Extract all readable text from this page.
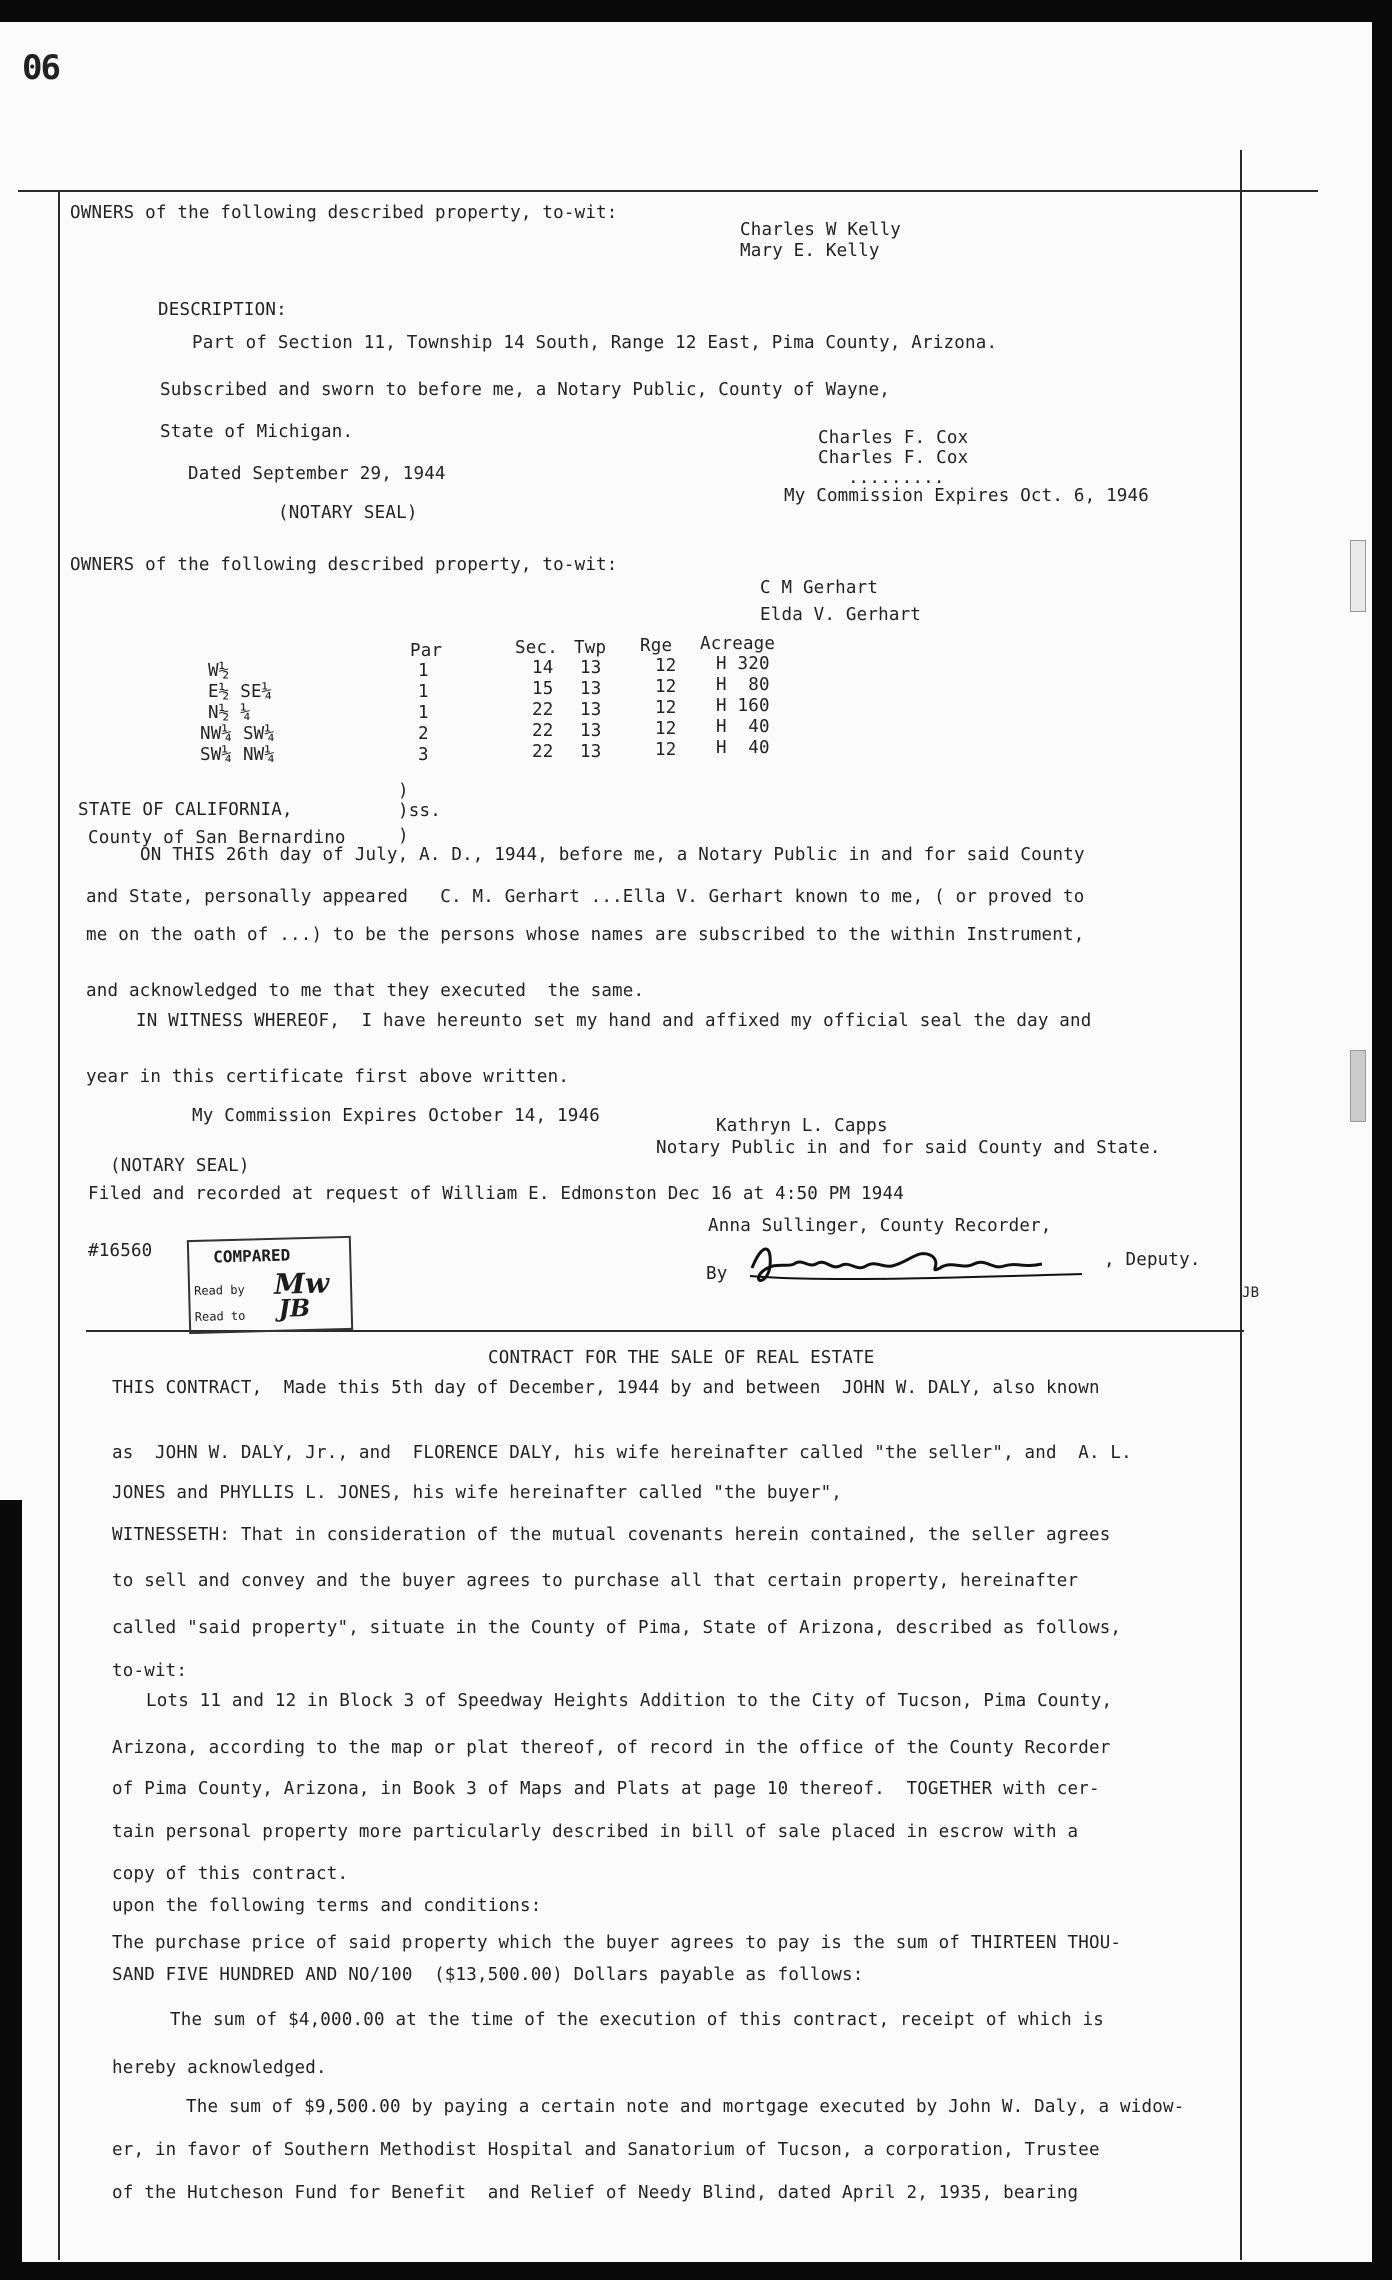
06
OWNERS of the following described property, to-wit:
Charles W Kelly
Mary E. Kelly
DESCRIPTION:
Part of Section 11, Township 14 South, Range 12 East, Pima County, Arizona.
Subscribed and sworn to before me, a Notary Public, County of Wayne,
State of Michigan.	Charles F. Cox
Charles F. Cox
Dated September 29, 1944	.........
My Commission Expires Oct. 6, 1946
(NOTARY SEAL)
OWNERS of the following described property, to-wit:
C M Gerhart
Elda V. Gerhart
Par	Sec. Twp Rge Acreage
W½	1	14 13	12 H 320
E½ SE¼	1	15 13	12 H  80
N½ ¼	1	22 13	12 H 160
NW¼ SW¼	2	22 13	12 H  40
SW¼ NW¼	3	22 13	12 H  40
STATE OF CALIFORNIA,
)
)ss.
County of San Bernardino	)
ON THIS 26th day of July, A. D., 1944, before me, a Notary Public in and for said County
and State, personally appeared   C. M. Gerhart ...Ella V. Gerhart known to me, ( or proved to
me on the oath of ...) to be the persons whose names are subscribed to the within Instrument,
and acknowledged to me that they executed  the same.
IN WITNESS WHEREOF,  I have hereunto set my hand and affixed my official seal the day and
year in this certificate first above written.
My Commission Expires October 14, 1946	Kathryn L. Capps
Notary Public in and for said County and State.
(NOTARY SEAL)
Filed and recorded at request of William E. Edmonston Dec 16 at 4:50 PM 1944
Anna Sullinger, County Recorder,
#16560	COMPARED
Read by
Read to
Mw
JB
By
, Deputy.
JB
CONTRACT FOR THE SALE OF REAL ESTATE
THIS CONTRACT,  Made this 5th day of December, 1944 by and between  JOHN W. DALY, also known
as  JOHN W. DALY, Jr., and  FLORENCE DALY, his wife hereinafter called "the seller", and  A. L.
JONES and PHYLLIS L. JONES, his wife hereinafter called "the buyer",
WITNESSETH: That in consideration of the mutual covenants herein contained, the seller agrees
to sell and convey and the buyer agrees to purchase all that certain property, hereinafter
called "said property", situate in the County of Pima, State of Arizona, described as follows,
to-wit:
Lots 11 and 12 in Block 3 of Speedway Heights Addition to the City of Tucson, Pima County,
Arizona, according to the map or plat thereof, of record in the office of the County Recorder
of Pima County, Arizona, in Book 3 of Maps and Plats at page 10 thereof.  TOGETHER with cer-
tain personal property more particularly described in bill of sale placed in escrow with a
copy of this contract.
upon the following terms and conditions:
The purchase price of said property which the buyer agrees to pay is the sum of THIRTEEN THOU-
SAND FIVE HUNDRED AND NO/100  ($13,500.00) Dollars payable as follows:
The sum of $4,000.00 at the time of the execution of this contract, receipt of which is
hereby acknowledged.
The sum of $9,500.00 by paying a certain note and mortgage executed by John W. Daly, a widow-
er, in favor of Southern Methodist Hospital and Sanatorium of Tucson, a corporation, Trustee
of the Hutcheson Fund for Benefit  and Relief of Needy Blind, dated April 2, 1935, bearing
